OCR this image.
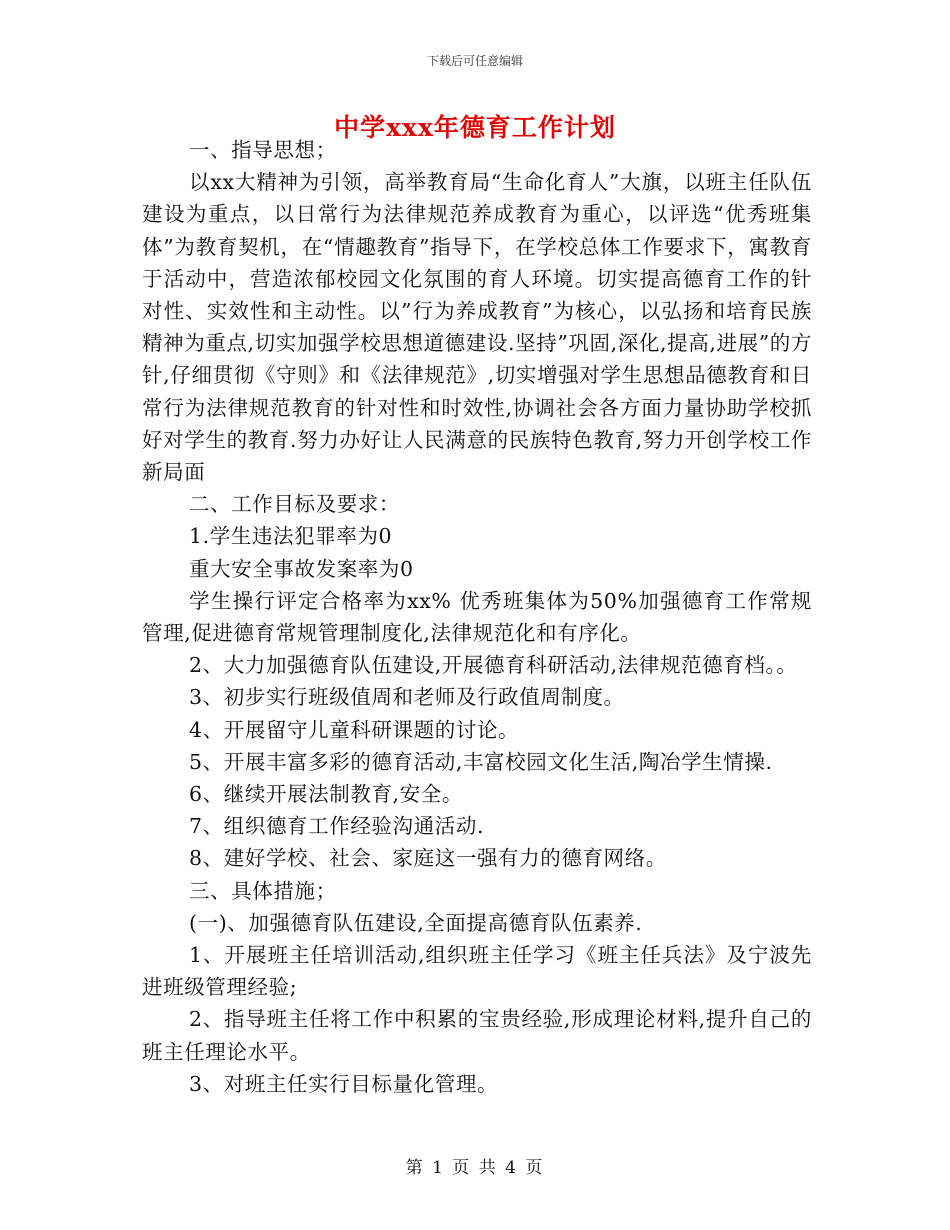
下载后可任意编辑
中学xxx年德育工作计划

一、指导思想；

以xx大精神为引领，高举教育局“生命化育人”大旗，以班主任队伍建设为重点，以日常行为法律规范养成教育为重心，以评选“优秀班集体”为教育契机，在“情趣教育”指导下，在学校总体工作要求下，寓教育于活动中，营造浓郁校园文化氛围的育人环境。切实提高德育工作的针对性、实效性和主动性。以”行为养成教育”为核心，以弘扬和培育民族精神为重点,切实加强学校思想道德建设.坚持”巩固,深化,提高,进展”的方针,仔细贯彻《守则》和《法律规范》,切实增强对学生思想品德教育和日常行为法律规范教育的针对性和时效性,协调社会各方面力量协助学校抓好对学生的教育.努力办好让人民满意的民族特色教育,努力开创学校工作新局面

二、工作目标及要求：

1.学生违法犯罪率为0

重大安全事故发案率为0

学生操行评定合格率为xx% 优秀班集体为50%加强德育工作常规管理,促进德育常规管理制度化,法律规范化和有序化。

2、大力加强德育队伍建设,开展德育科研活动,法律规范德育档。。

3、初步实行班级值周和老师及行政值周制度。

4、开展留守儿童科研课题的讨论。

5、开展丰富多彩的德育活动,丰富校园文化生活,陶冶学生情操.

6、继续开展法制教育,安全。

7、组织德育工作经验沟通活动.

8、建好学校、社会、家庭这一强有力的德育网络。

三、具体措施；

(一)、加强德育队伍建设,全面提高德育队伍素养.

1、开展班主任培训活动,组织班主任学习《班主任兵法》及宁波先进班级管理经验;

2、指导班主任将工作中积累的宝贵经验,形成理论材料,提升自己的班主任理论水平。

3、对班主任实行目标量化管理。

第 1 页 共 4 页
